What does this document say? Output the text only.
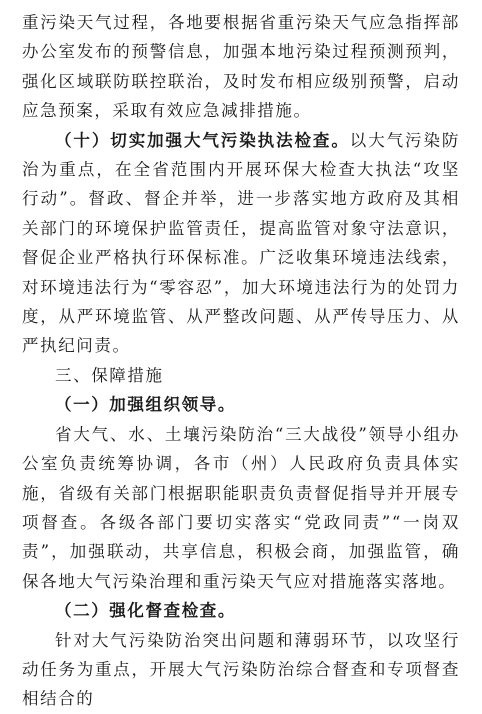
重污染天气过程，各地要根据省重污染天气应急指挥部办公室发布的预警信息，加强本地污染过程预测预判，强化区域联防联控联治，及时发布相应级别预警，启动应急预案，采取有效应急减排措施。

（十）切实加强大气污染执法检查。以大气污染防治为重点，在全省范围内开展环保大检查大执法“攻坚行动”。督政、督企并举，进一步落实地方政府及其相关部门的环境保护监管责任，提高监管对象守法意识，督促企业严格执行环保标准。广泛收集环境违法线索，对环境违法行为“零容忍”，加大环境违法行为的处罚力度，从严环境监管、从严整改问题、从严传导压力、从严执纪问责。

三、保障措施

（一）加强组织领导。

省大气、水、土壤污染防治“三大战役”领导小组办公室负责统筹协调，各市（州）人民政府负责具体实施，省级有关部门根据职能职责负责督促指导并开展专项督查。各级各部门要切实落实“党政同责”“一岗双责”，加强联动，共享信息，积极会商，加强监管，确保各地大气污染治理和重污染天气应对措施落实落地。

（二）强化督查检查。

针对大气污染防治突出问题和薄弱环节，以攻坚行动任务为重点，开展大气污染防治综合督查和专项督查相结合的
